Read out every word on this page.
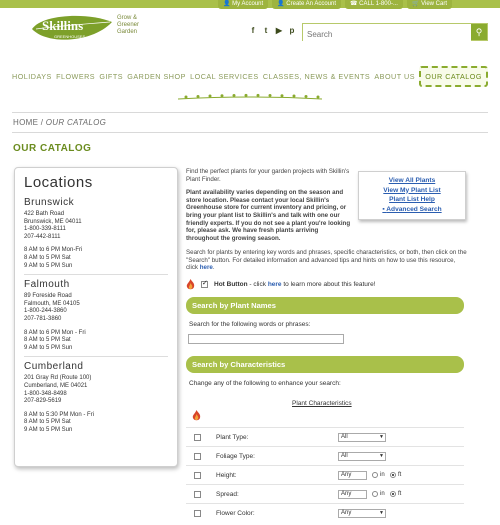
👤 My Account	👤 Create An Account	☎ CALL 1-800-...	🛒 View Cart
Skillins
GREENHOUSES
Grow &
Greener
Garden	f	t	▶ p
Search	⚲
HOLIDAYS FLOWERS GIFTS GARDEN SHOP LOCAL SERVICES CLASSES, NEWS & EVENTS ABOUT US	OUR CATALOG
HOME / OUR CATALOG
OUR CATALOG
Locations
Brunswick

422 Bath Road
Brunswick, ME 04011
1-800-339-8111
207-442-8111

8 AM to 6 PM Mon-Fri
8 AM to 5 PM Sat
9 AM to 5 PM Sun

Falmouth

89 Foreside Road
Falmouth, ME 04105
1-800-244-3860
207-781-3860

8 AM to 6 PM Mon - Fri
8 AM to 5 PM Sat
9 AM to 5 PM Sun

Cumberland

201 Gray Rd (Route 100)
Cumberland, ME 04021
1-800-348-8498
207-829-5619

8 AM to 5:30 PM Mon - Fri
8 AM to 5 PM Sat
9 AM to 5 PM Sun

Find the perfect plants for your garden projects with Skillin's Plant Finder.

Plant availability varies depending on the season and store location. Please contact your local Skillin's Greenhouse store for current inventory and pricing, or bring your plant list to Skillin's and talk with one our friendly experts. If you do not see a plant you're looking for, please ask. We have fresh plants arriving throughout the growing season.

View All Plants
View My Plant List
Plant List Help
▪ Advanced Search
Search for plants by entering key words and phrases, specific characteristics, or both, then click on the "Search" button. For detailed information and advanced tips and hints on how to use this resource, click here.
✓
Hot Button - click here to learn more about this feature!
Search by Plant Names
Search for the following words or phrases:
Search by Characteristics
Change any of the following to enhance your search:
Plant Characteristics
Plant Type:	All ▼
Foliage Type:	All ▼
Height:	Any	in ft
Spread:	Any	in ft
Flower Color:	Any ▼
